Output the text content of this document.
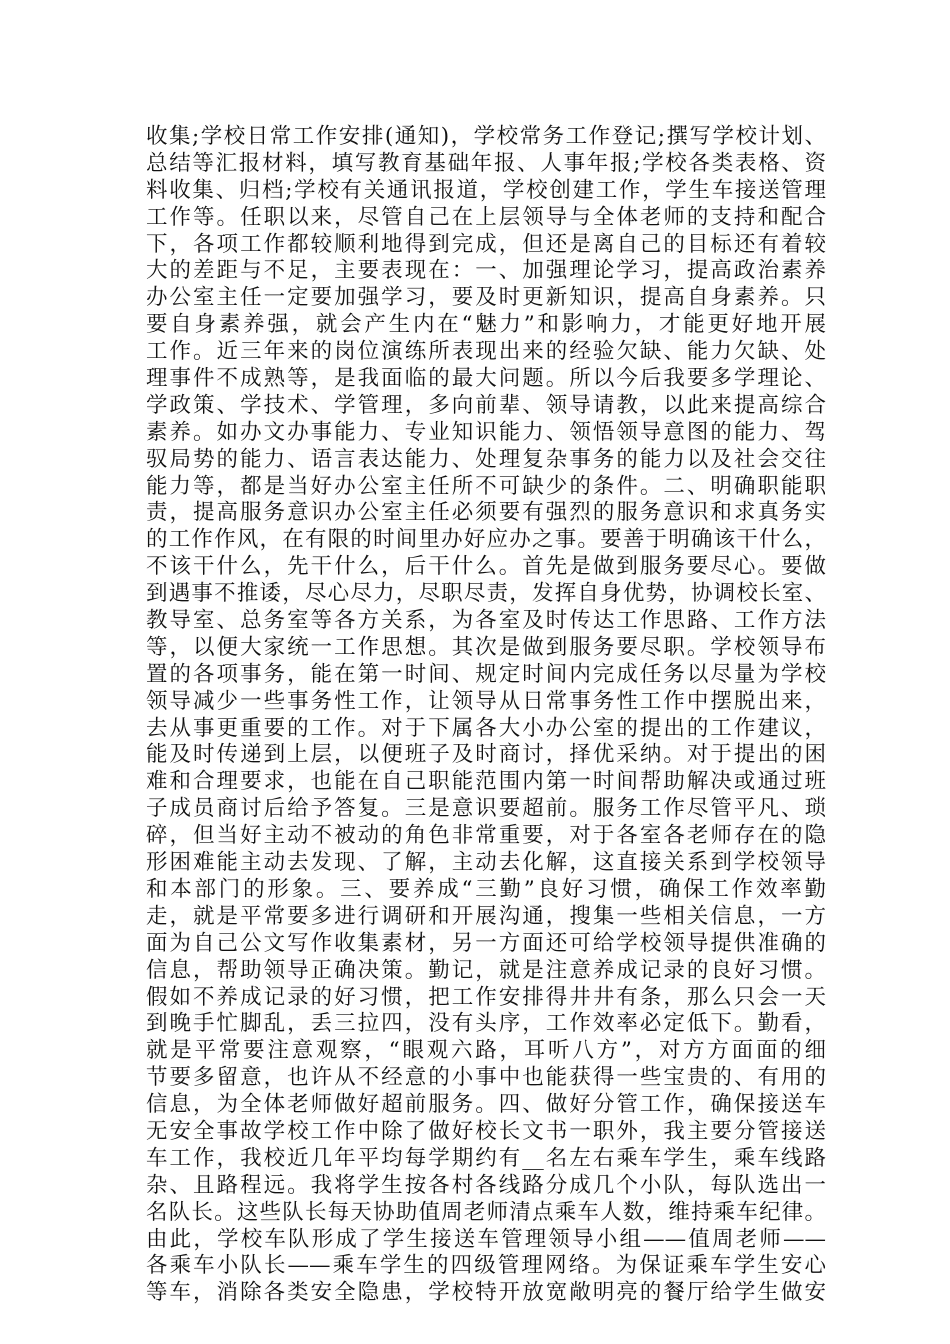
收集;学校日常工作安排(通知)，学校常务工作登记;撰写学校计划、
总结等汇报材料，填写教育基础年报、人事年报;学校各类表格、资
料收集、归档;学校有关通讯报道，学校创建工作，学生车接送管理
工作等。任职以来，尽管自己在上层领导与全体老师的支持和配合
下，各项工作都较顺利地得到完成，但还是离自己的目标还有着较
大的差距与不足，主要表现在：一、加强理论学习，提高政治素养
办公室主任一定要加强学习，要及时更新知识，提高自身素养。只
要自身素养强，就会产生内在“魅力”和影响力，才能更好地开展
工作。近三年来的岗位演练所表现出来的经验欠缺、能力欠缺、处
理事件不成熟等，是我面临的最大问题。所以今后我要多学理论、
学政策、学技术、学管理，多向前辈、领导请教，以此来提高综合
素养。如办文办事能力、专业知识能力、领悟领导意图的能力、驾
驭局势的能力、语言表达能力、处理复杂事务的能力以及社会交往
能力等，都是当好办公室主任所不可缺少的条件。二、明确职能职
责，提高服务意识办公室主任必须要有强烈的服务意识和求真务实
的工作作风，在有限的时间里办好应办之事。要善于明确该干什么，
不该干什么，先干什么，后干什么。首先是做到服务要尽心。要做
到遇事不推诿，尽心尽力，尽职尽责，发挥自身优势，协调校长室、
教导室、总务室等各方关系，为各室及时传达工作思路、工作方法
等，以便大家统一工作思想。其次是做到服务要尽职。学校领导布
置的各项事务，能在第一时间、规定时间内完成任务以尽量为学校
领导减少一些事务性工作，让领导从日常事务性工作中摆脱出来，
去从事更重要的工作。对于下属各大小办公室的提出的工作建议，
能及时传递到上层，以便班子及时商讨，择优采纳。对于提出的困
难和合理要求，也能在自己职能范围内第一时间帮助解决或通过班
子成员商讨后给予答复。三是意识要超前。服务工作尽管平凡、琐
碎，但当好主动不被动的角色非常重要，对于各室各老师存在的隐
形困难能主动去发现、了解，主动去化解，这直接关系到学校领导
和本部门的形象。三、要养成“三勤”良好习惯，确保工作效率勤
走，就是平常要多进行调研和开展沟通，搜集一些相关信息，一方
面为自己公文写作收集素材，另一方面还可给学校领导提供准确的
信息，帮助领导正确决策。勤记，就是注意养成记录的良好习惯。
假如不养成记录的好习惯，把工作安排得井井有条，那么只会一天
到晚手忙脚乱，丢三拉四，没有头序，工作效率必定低下。勤看，
就是平常要注意观察，“眼观六路，耳听八方”，对方方面面的细
节要多留意，也许从不经意的小事中也能获得一些宝贵的、有用的
信息，为全体老师做好超前服务。四、做好分管工作，确保接送车
无安全事故学校工作中除了做好校长文书一职外，我主要分管接送
车工作，我校近几年平均每学期约有__名左右乘车学生，乘车线路
杂、且路程远。我将学生按各村各线路分成几个小队，每队选出一
名队长。这些队长每天协助值周老师清点乘车人数，维持乘车纪律。
由此，学校车队形成了学生接送车管理领导小组——值周老师——
各乘车小队长——乘车学生的四级管理网络。为保证乘车学生安心
等车，消除各类安全隐患，学校特开放宽敞明亮的餐厅给学生做安
